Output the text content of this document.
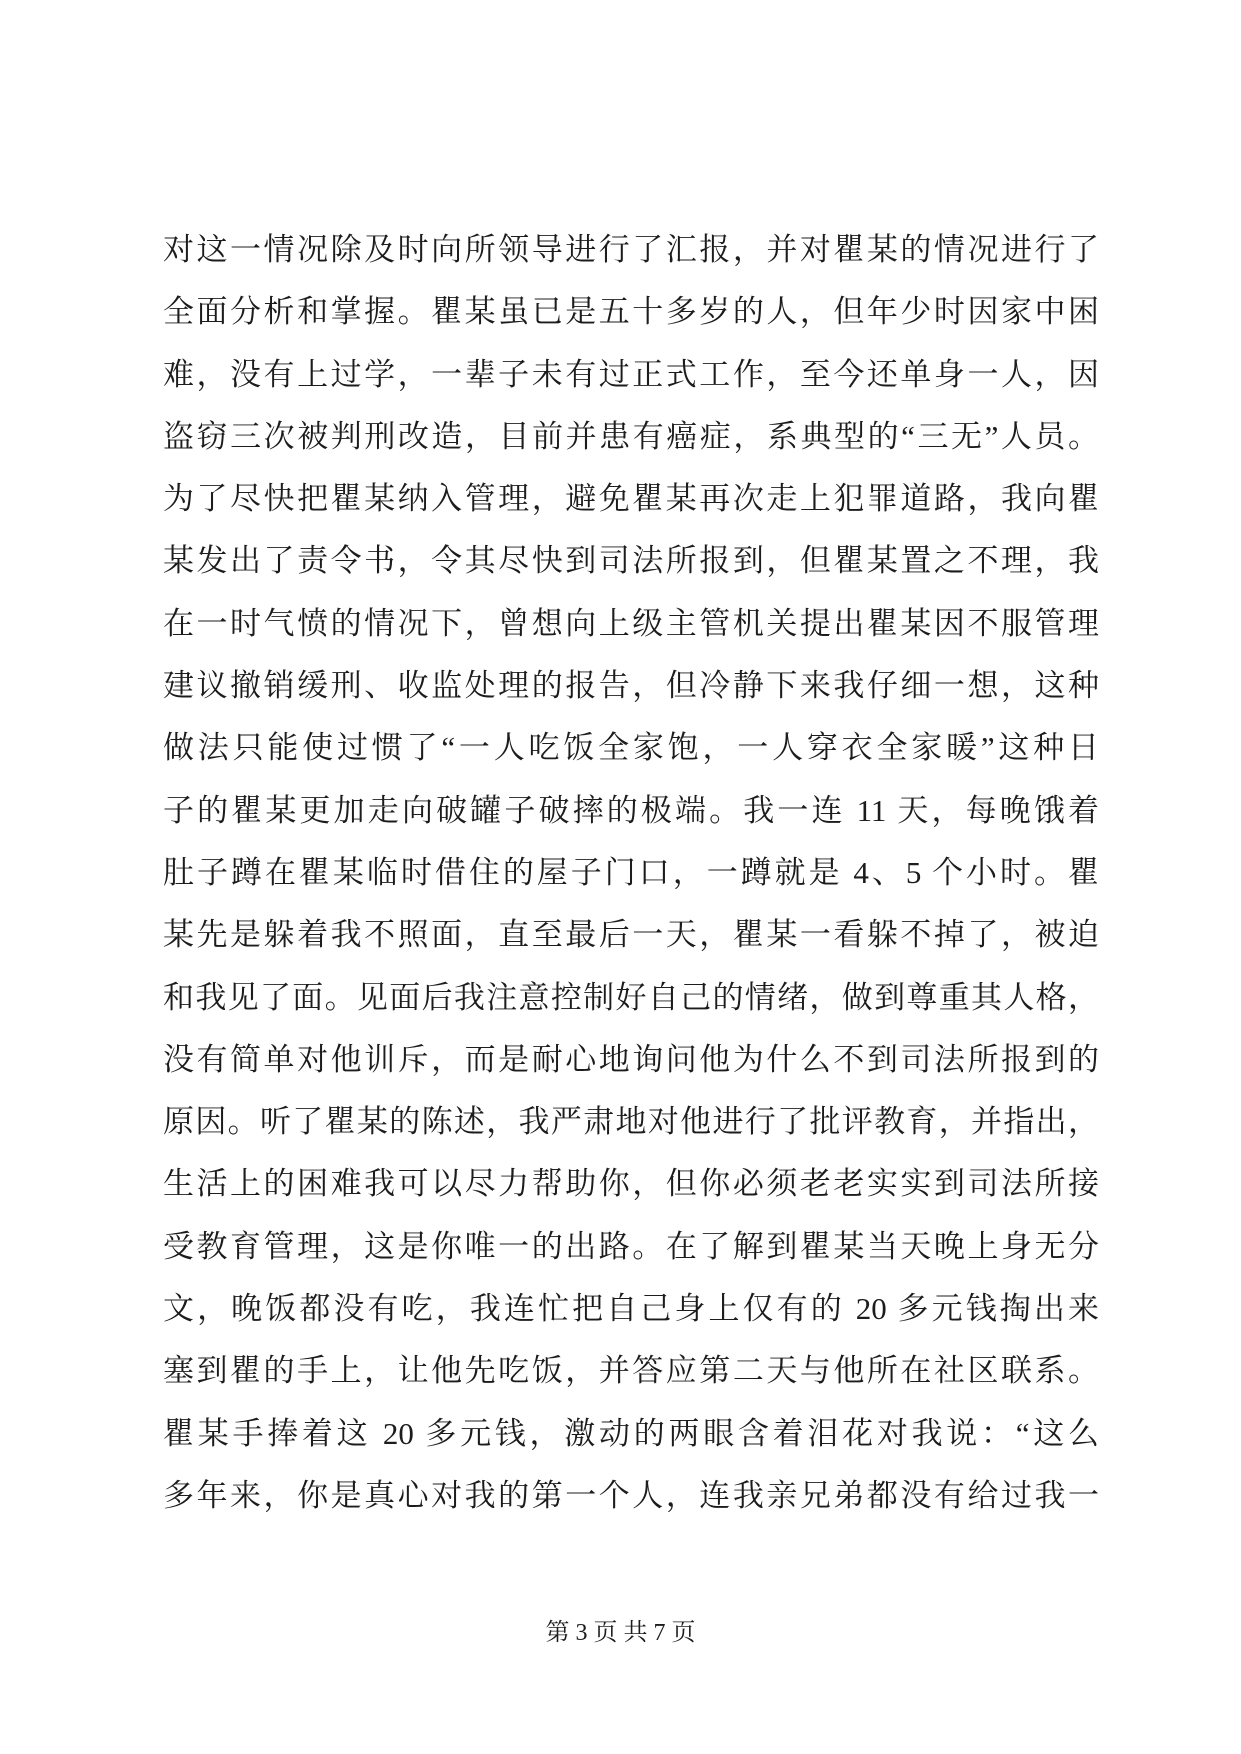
对这一情况除及时向所领导进行了汇报，并对瞿某的情况进行了
全面分析和掌握。瞿某虽已是五十多岁的人，但年少时因家中困
难，没有上过学，一辈子未有过正式工作，至今还单身一人，因
盗窃三次被判刑改造，目前并患有癌症，系典型的“三无”人员。
为了尽快把瞿某纳入管理，避免瞿某再次走上犯罪道路，我向瞿
某发出了责令书，令其尽快到司法所报到，但瞿某置之不理，我
在一时气愤的情况下，曾想向上级主管机关提出瞿某因不服管理
建议撤销缓刑、收监处理的报告，但冷静下来我仔细一想，这种
做法只能使过惯了“一人吃饭全家饱，一人穿衣全家暖”这种日
子的瞿某更加走向破罐子破摔的极端。我一连 11 天，每晚饿着
肚子蹲在瞿某临时借住的屋子门口，一蹲就是 4、5 个小时。瞿
某先是躲着我不照面，直至最后一天，瞿某一看躲不掉了，被迫
和我见了面。见面后我注意控制好自己的情绪，做到尊重其人格，
没有简单对他训斥，而是耐心地询问他为什么不到司法所报到的
原因。听了瞿某的陈述，我严肃地对他进行了批评教育，并指出，
生活上的困难我可以尽力帮助你，但你必须老老实实到司法所接
受教育管理，这是你唯一的出路。在了解到瞿某当天晚上身无分
文，晚饭都没有吃，我连忙把自己身上仅有的 20 多元钱掏出来
塞到瞿的手上，让他先吃饭，并答应第二天与他所在社区联系。
瞿某手捧着这 20 多元钱，激动的两眼含着泪花对我说：“这么
多年来，你是真心对我的第一个人，连我亲兄弟都没有给过我一
第 3 页 共 7 页
